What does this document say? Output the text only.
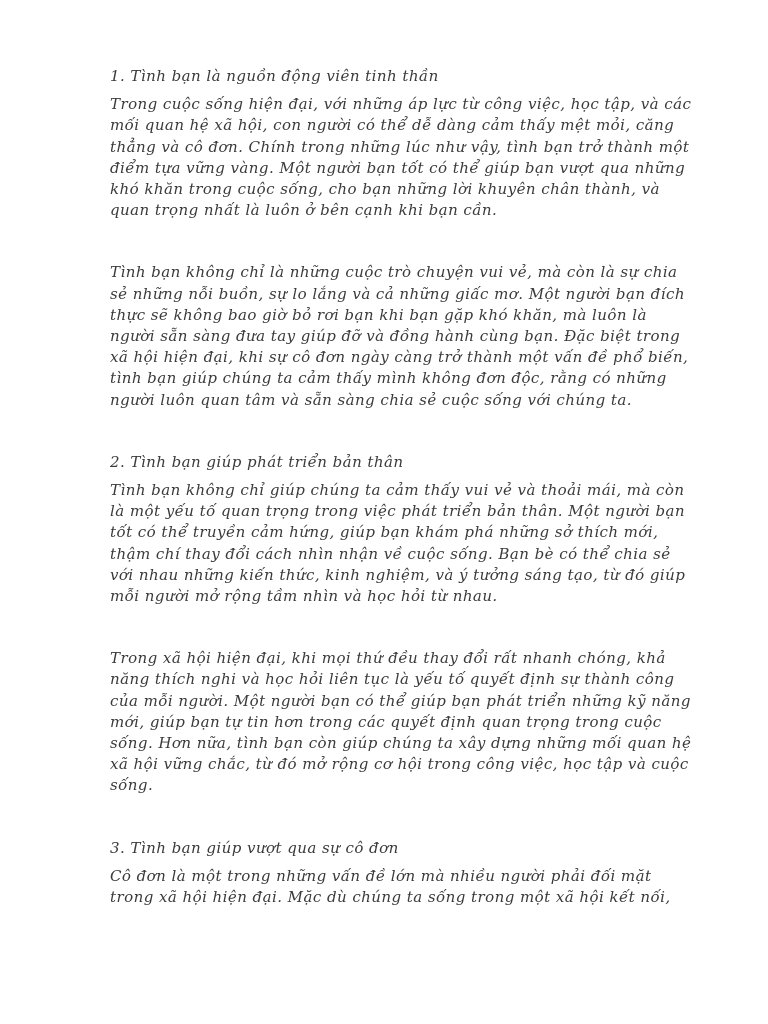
1. Tình bạn là nguồn động viên tinh thần

Trong cuộc sống hiện đại, với những áp lực từ công việc, học tập, và các mối quan hệ xã hội, con người có thể dễ dàng cảm thấy mệt mỏi, căng thẳng và cô đơn. Chính trong những lúc như vậy, tình bạn trở thành một điểm tựa vững vàng. Một người bạn tốt có thể giúp bạn vượt qua những khó khăn trong cuộc sống, cho bạn những lời khuyên chân thành, và quan trọng nhất là luôn ở bên cạnh khi bạn cần.

Tình bạn không chỉ là những cuộc trò chuyện vui vẻ, mà còn là sự chia sẻ những nỗi buồn, sự lo lắng và cả những giấc mơ. Một người bạn đích thực sẽ không bao giờ bỏ rơi bạn khi bạn gặp khó khăn, mà luôn là người sẵn sàng đưa tay giúp đỡ và đồng hành cùng bạn. Đặc biệt trong xã hội hiện đại, khi sự cô đơn ngày càng trở thành một vấn đề phổ biến, tình bạn giúp chúng ta cảm thấy mình không đơn độc, rằng có những người luôn quan tâm và sẵn sàng chia sẻ cuộc sống với chúng ta.

2. Tình bạn giúp phát triển bản thân

Tình bạn không chỉ giúp chúng ta cảm thấy vui vẻ và thoải mái, mà còn là một yếu tố quan trọng trong việc phát triển bản thân. Một người bạn tốt có thể truyền cảm hứng, giúp bạn khám phá những sở thích mới, thậm chí thay đổi cách nhìn nhận về cuộc sống. Bạn bè có thể chia sẻ với nhau những kiến thức, kinh nghiệm, và ý tưởng sáng tạo, từ đó giúp mỗi người mở rộng tầm nhìn và học hỏi từ nhau.

Trong xã hội hiện đại, khi mọi thứ đều thay đổi rất nhanh chóng, khả năng thích nghi và học hỏi liên tục là yếu tố quyết định sự thành công của mỗi người. Một người bạn có thể giúp bạn phát triển những kỹ năng mới, giúp bạn tự tin hơn trong các quyết định quan trọng trong cuộc sống. Hơn nữa, tình bạn còn giúp chúng ta xây dựng những mối quan hệ xã hội vững chắc, từ đó mở rộng cơ hội trong công việc, học tập và cuộc sống.

3. Tình bạn giúp vượt qua sự cô đơn

Cô đơn là một trong những vấn đề lớn mà nhiều người phải đối mặt trong xã hội hiện đại. Mặc dù chúng ta sống trong một xã hội kết nối,
